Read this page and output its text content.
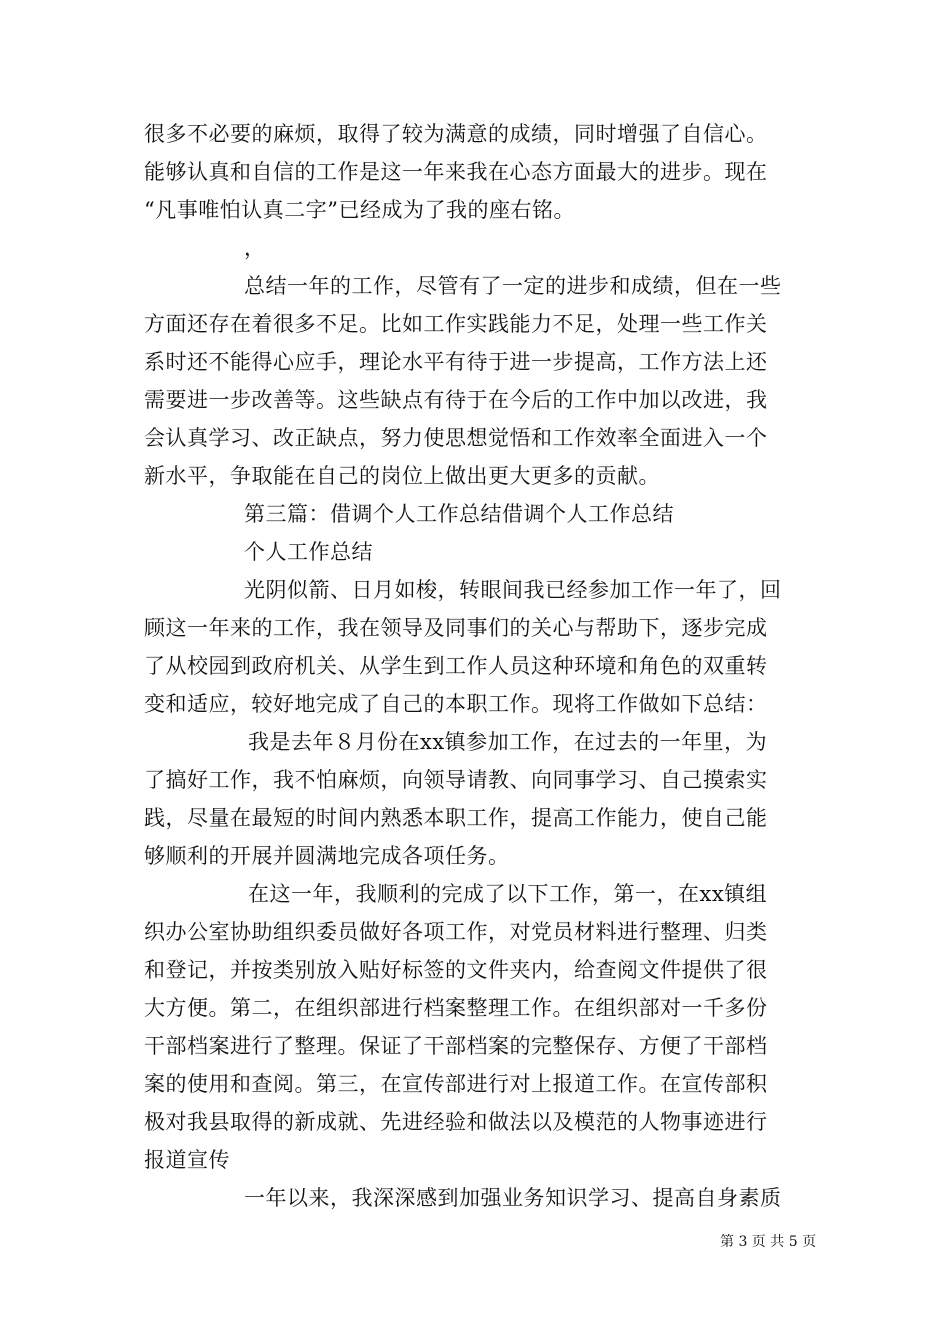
很多不必要的麻烦，取得了较为满意的成绩，同时增强了自信心。
能够认真和自信的工作是这一年来我在心态方面最大的进步。现在
“凡事唯怕认真二字”已经成为了我的座右铭。
，
总结一年的工作，尽管有了一定的进步和成绩，但在一些
方面还存在着很多不足。比如工作实践能力不足，处理一些工作关
系时还不能得心应手，理论水平有待于进一步提高，工作方法上还
需要进一步改善等。这些缺点有待于在今后的工作中加以改进，我
会认真学习、改正缺点，努力使思想觉悟和工作效率全面进入一个
新水平，争取能在自己的岗位上做出更大更多的贡献。
第三篇：借调个人工作总结借调个人工作总结
个人工作总结
光阴似箭、日月如梭，转眼间我已经参加工作一年了，回
顾这一年来的工作，我在领导及同事们的关心与帮助下，逐步完成
了从校园到政府机关、从学生到工作人员这种环境和角色的双重转
变和适应，较好地完成了自己的本职工作。现将工作做如下总结：
我是去年８月份在xx镇参加工作，在过去的一年里，为
了搞好工作，我不怕麻烦，向领导请教、向同事学习、自己摸索实
践，尽量在最短的时间内熟悉本职工作，提高工作能力，使自己能
够顺利的开展并圆满地完成各项任务。
在这一年，我顺利的完成了以下工作，第一，在xx镇组
织办公室协助组织委员做好各项工作，对党员材料进行整理、归类
和登记，并按类别放入贴好标签的文件夹内，给查阅文件提供了很
大方便。第二，在组织部进行档案整理工作。在组织部对一千多份
干部档案进行了整理。保证了干部档案的完整保存、方便了干部档
案的使用和查阅。第三，在宣传部进行对上报道工作。在宣传部积
极对我县取得的新成就、先进经验和做法以及模范的人物事迹进行
报道宣传
一年以来，我深深感到加强业务知识学习、提高自身素质
第 3 页 共 5 页
